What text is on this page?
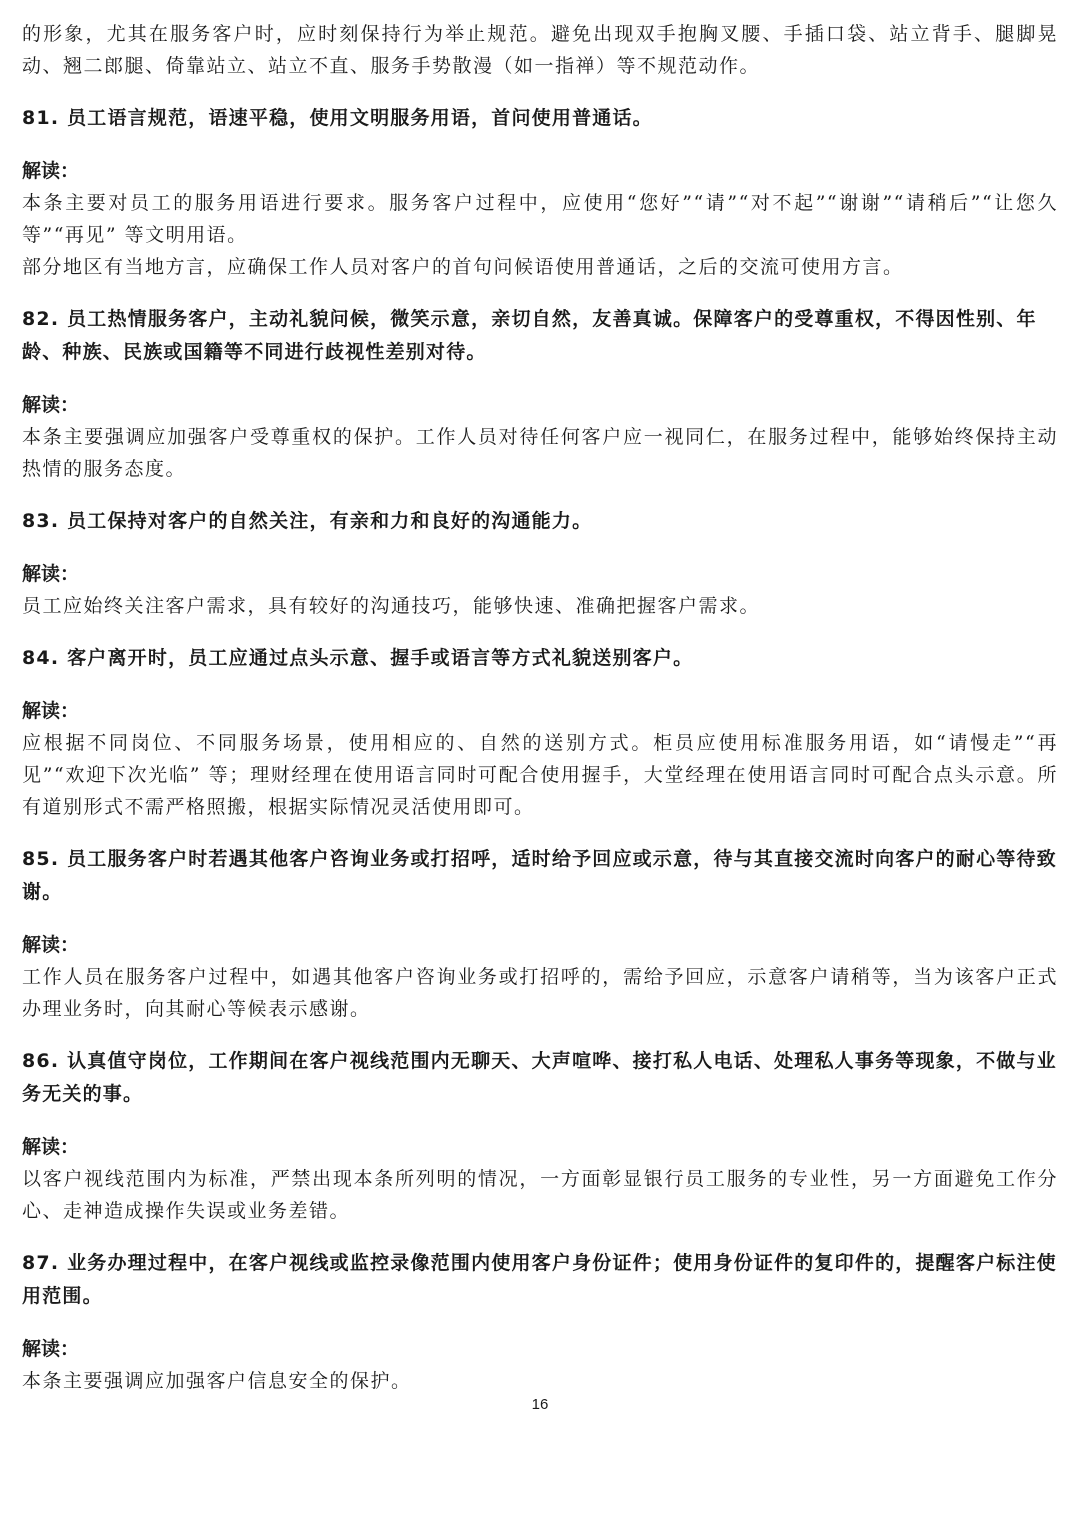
的形象，尤其在服务客户时，应时刻保持行为举止规范。避免出现双手抱胸叉腰、手插口袋、站立背手、腿脚晃动、翘二郎腿、倚靠站立、站立不直、服务手势散漫（如一指禅）等不规范动作。

81. 员工语言规范，语速平稳，使用文明服务用语，首问使用普通话。

解读：

本条主要对员工的服务用语进行要求。服务客户过程中，应使用“您好”“请”“对不起”“谢谢”“请稍后”“让您久等”“再见” 等文明用语。

部分地区有当地方言，应确保工作人员对客户的首句问候语使用普通话，之后的交流可使用方言。

82. 员工热情服务客户，主动礼貌问候，微笑示意，亲切自然，友善真诚。保障客户的受尊重权，不得因性别、年龄、种族、民族或国籍等不同进行歧视性差别对待。

解读：

本条主要强调应加强客户受尊重权的保护。工作人员对待任何客户应一视同仁，在服务过程中，能够始终保持主动热情的服务态度。

83. 员工保持对客户的自然关注，有亲和力和良好的沟通能力。

解读：

员工应始终关注客户需求，具有较好的沟通技巧，能够快速、准确把握客户需求。

84. 客户离开时，员工应通过点头示意、握手或语言等方式礼貌送别客户。

解读：

应根据不同岗位、不同服务场景，使用相应的、自然的送别方式。柜员应使用标准服务用语，如“请慢走”“再见”“欢迎下次光临” 等；理财经理在使用语言同时可配合使用握手，大堂经理在使用语言同时可配合点头示意。所有道别形式不需严格照搬，根据实际情况灵活使用即可。

85. 员工服务客户时若遇其他客户咨询业务或打招呼，适时给予回应或示意，待与其直接交流时向客户的耐心等待致谢。

解读：

工作人员在服务客户过程中，如遇其他客户咨询业务或打招呼的，需给予回应，示意客户请稍等，当为该客户正式办理业务时，向其耐心等候表示感谢。

86. 认真值守岗位，工作期间在客户视线范围内无聊天、大声喧哗、接打私人电话、处理私人事务等现象，不做与业务无关的事。

解读：

以客户视线范围内为标准，严禁出现本条所列明的情况，一方面彰显银行员工服务的专业性，另一方面避免工作分心、走神造成操作失误或业务差错。

87. 业务办理过程中，在客户视线或监控录像范围内使用客户身份证件；使用身份证件的复印件的，提醒客户标注使用范围。

解读：

本条主要强调应加强客户信息安全的保护。

16
